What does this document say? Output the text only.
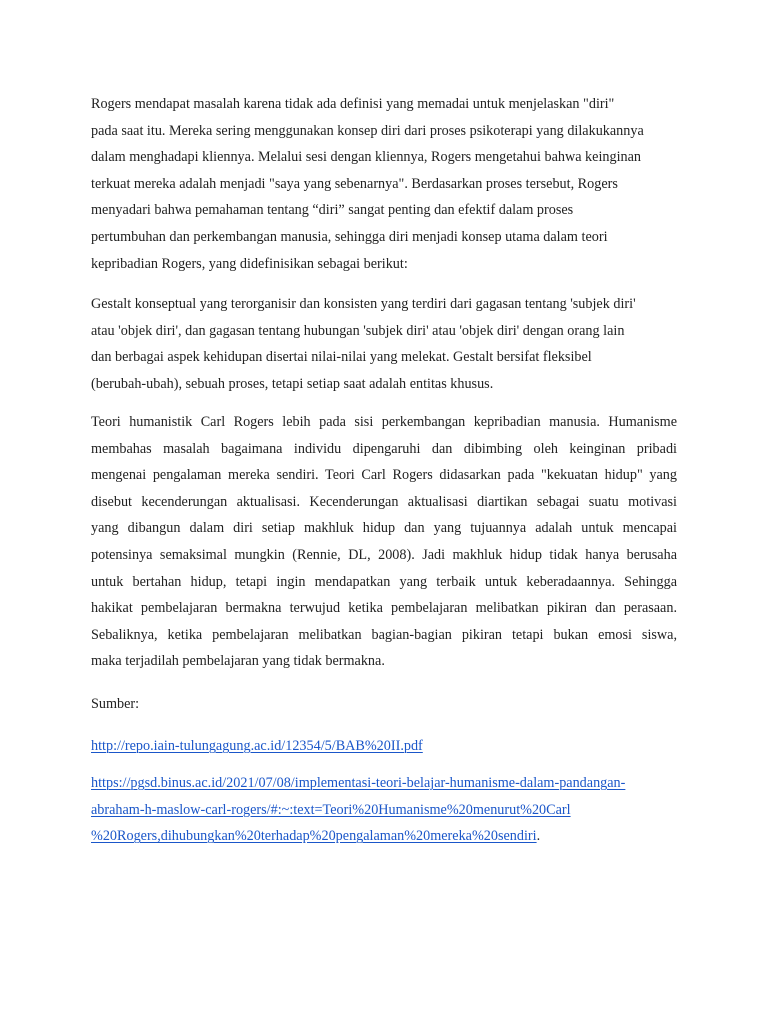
Rogers mendapat masalah karena tidak ada definisi yang memadai untuk menjelaskan "diri"
pada saat itu. Mereka sering menggunakan konsep diri dari proses psikoterapi yang dilakukannya
dalam menghadapi kliennya. Melalui sesi dengan kliennya, Rogers mengetahui bahwa keinginan
terkuat mereka adalah menjadi "saya yang sebenarnya". Berdasarkan proses tersebut, Rogers
menyadari bahwa pemahaman tentang “diri” sangat penting dan efektif dalam proses
pertumbuhan dan perkembangan manusia, sehingga diri menjadi konsep utama dalam teori
kepribadian Rogers, yang didefinisikan sebagai berikut:
Gestalt konseptual yang terorganisir dan konsisten yang terdiri dari gagasan tentang 'subjek diri'
atau 'objek diri', dan gagasan tentang hubungan 'subjek diri' atau 'objek diri' dengan orang lain
dan berbagai aspek kehidupan disertai nilai-nilai yang melekat. Gestalt bersifat fleksibel
(berubah-ubah), sebuah proses, tetapi setiap saat adalah entitas khusus.
Teori humanistik Carl Rogers lebih pada sisi perkembangan kepribadian manusia. Humanisme
membahas masalah bagaimana individu dipengaruhi dan dibimbing oleh keinginan pribadi
mengenai pengalaman mereka sendiri. Teori Carl Rogers didasarkan pada "kekuatan hidup" yang
disebut kecenderungan aktualisasi. Kecenderungan aktualisasi diartikan sebagai suatu motivasi
yang dibangun dalam diri setiap makhluk hidup dan yang tujuannya adalah untuk mencapai
potensinya semaksimal mungkin (Rennie, DL, 2008). Jadi makhluk hidup tidak hanya berusaha
untuk bertahan hidup, tetapi ingin mendapatkan yang terbaik untuk keberadaannya. Sehingga
hakikat pembelajaran bermakna terwujud ketika pembelajaran melibatkan pikiran dan perasaan.
Sebaliknya, ketika pembelajaran melibatkan bagian-bagian pikiran tetapi bukan emosi siswa,
maka terjadilah pembelajaran yang tidak bermakna.
Sumber:
http://repo.iain-tulungagung.ac.id/12354/5/BAB%20II.pdf
https://pgsd.binus.ac.id/2021/07/08/implementasi-teori-belajar-humanisme-dalam-pandangan-
abraham-h-maslow-carl-rogers/#:~:text=Teori%20Humanisme%20menurut%20Carl
%20Rogers,dihubungkan%20terhadap%20pengalaman%20mereka%20sendiri.
